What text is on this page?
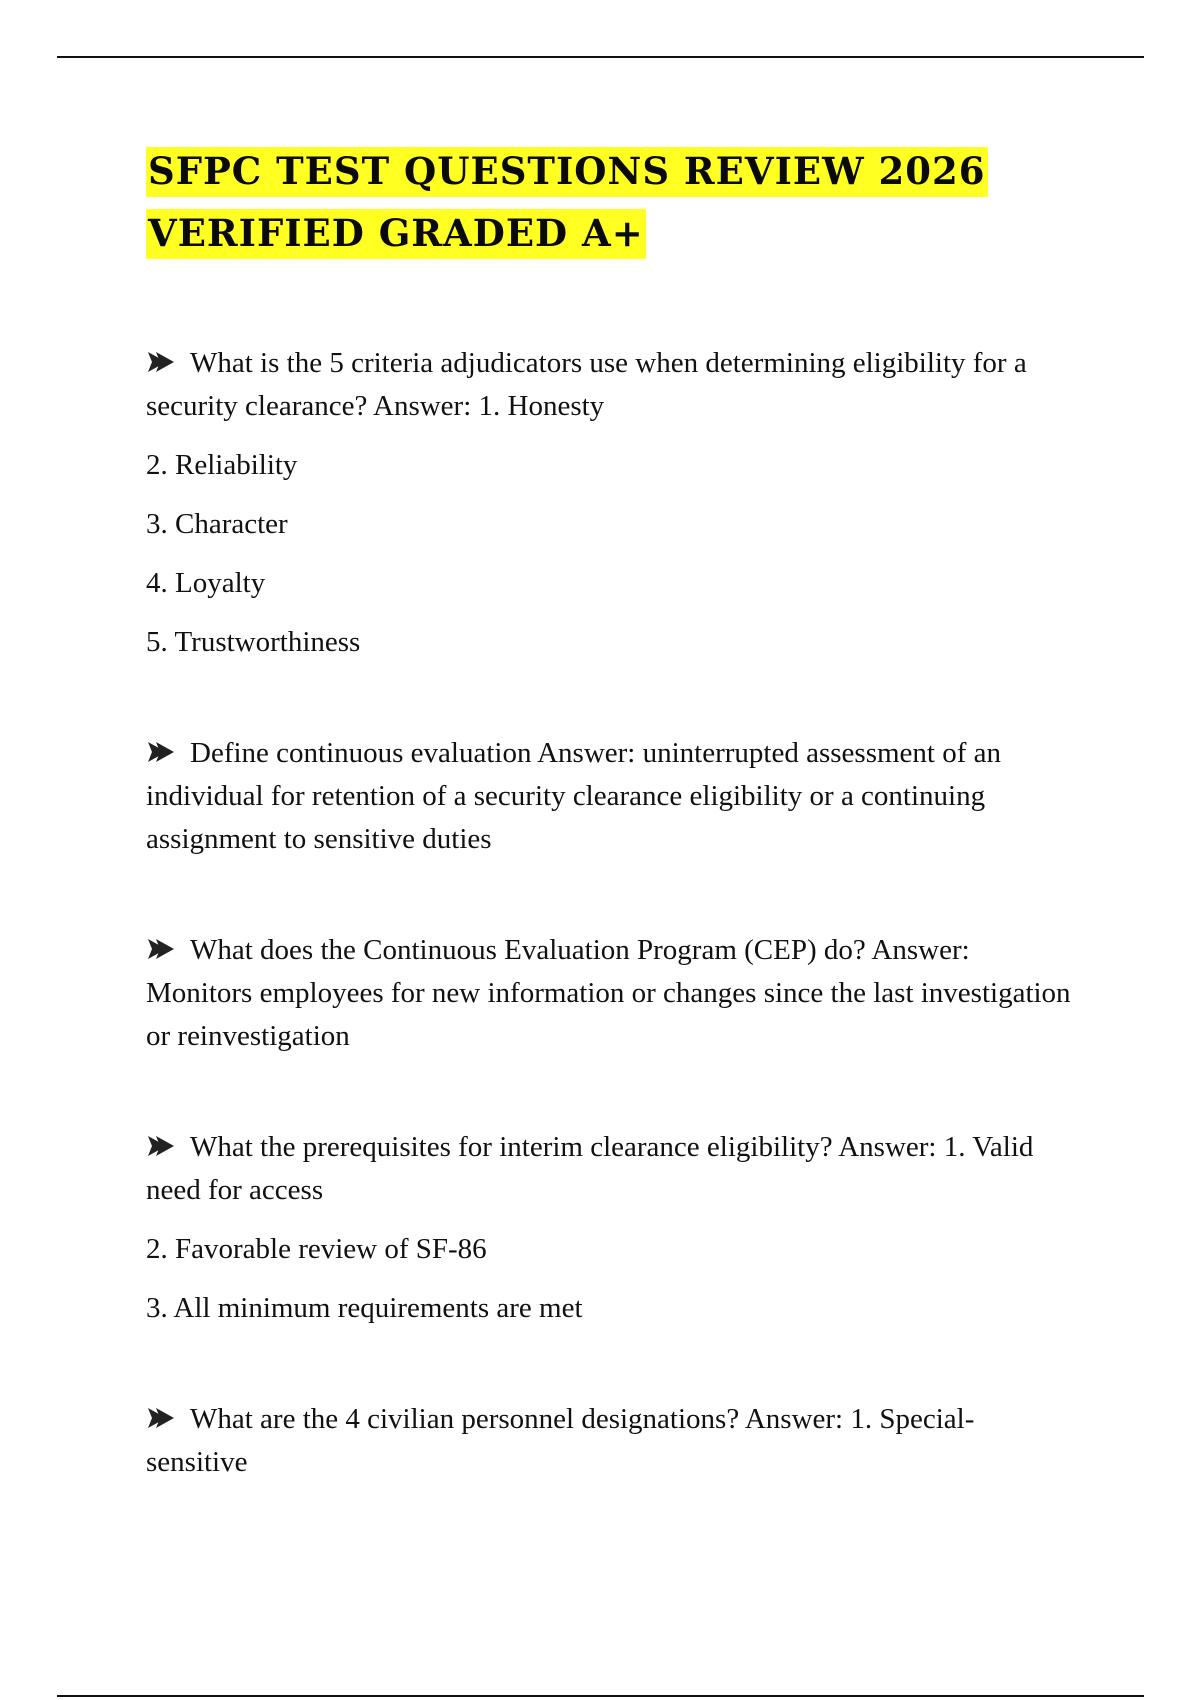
SFPC TEST QUESTIONS REVIEW 2026
VERIFIED GRADED A+

What is the 5 criteria adjudicators use when determining eligibility for a security clearance? Answer: 1. Honesty

2. Reliability

3. Character

4. Loyalty

5. Trustworthiness

Define continuous evaluation Answer: uninterrupted assessment of an individual for retention of a security clearance eligibility or a continuing assignment to sensitive duties

What does the Continuous Evaluation Program (CEP) do? Answer: Monitors employees for new information or changes since the last investigation or reinvestigation

What the prerequisites for interim clearance eligibility? Answer: 1. Valid need for access

2. Favorable review of SF-86

3. All minimum requirements are met

What are the 4 civilian personnel designations? Answer: 1. Special-sensitive
